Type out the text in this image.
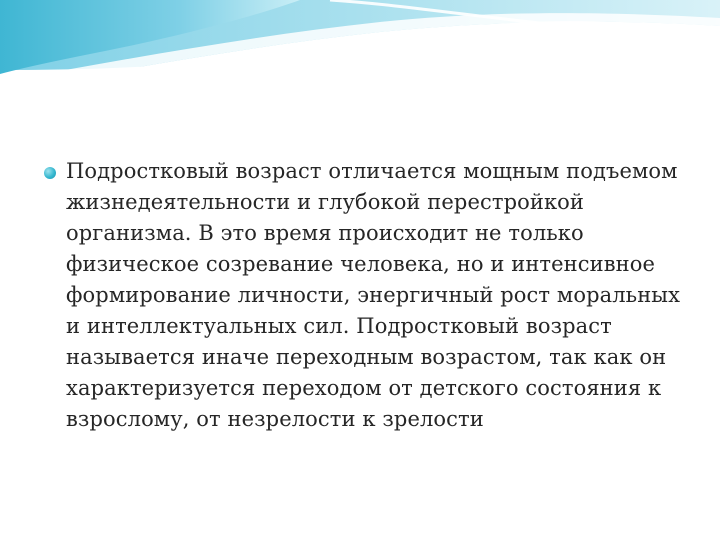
Подростковый возраст отличается мощным подъемом жизнедеятельности и глубокой перестройкой организма. В это время происходит не только физическое созревание человека, но и интенсивное формирование личности, энергичный рост моральных и интеллектуальных сил. Подростковый возраст называется иначе переходным возрастом, так как он характеризуется переходом от детского состояния к взрослому, от незрелости к зрелости
